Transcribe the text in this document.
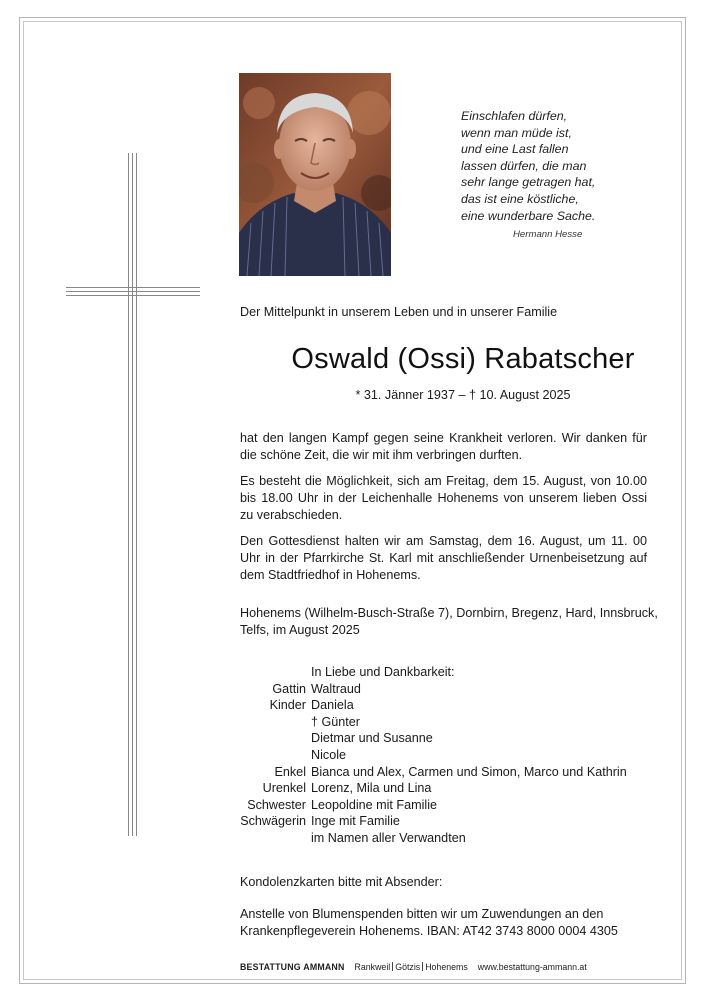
Einschlafen dürfen,
wenn man müde ist,
und eine Last fallen
lassen dürfen, die man
sehr lange getragen hat,
das ist eine köstliche,
eine wunderbare Sache.
Hermann Hesse
Der Mittelpunkt in unserem Leben und in unserer Familie
Oswald (Ossi) Rabatscher
* 31. Jänner 1937 – † 10. August 2025
hat den langen Kampf gegen seine Krankheit verloren. Wir danken für die schöne Zeit, die wir mit ihm verbringen durften.
Es besteht die Möglichkeit, sich am Freitag, dem 15. August, von 10.00 bis 18.00 Uhr in der Leichenhalle Hohenems von unserem lieben Ossi zu verabschieden.
Den Gottesdienst halten wir am Samstag, dem 16. August, um 11. 00 Uhr in der Pfarrkirche St. Karl mit anschließender Urnenbeisetzung auf dem Stadtfriedhof in Hohenems.
Hohenems (Wilhelm-Busch-Straße 7), Dornbirn, Bregenz, Hard, Innsbruck, Telfs, im August 2025
In Liebe und Dankbarkeit:
Gattin Waltraud
Kinder Daniela
† Günter
Dietmar und Susanne
Nicole
Enkel Bianca und Alex, Carmen und Simon, Marco und Kathrin
Urenkel Lorenz, Mila und Lina
Schwester Leopoldine mit Familie
Schwägerin Inge mit Familie
im Namen aller Verwandten
Kondolenzkarten bitte mit Absender:
Anstelle von Blumenspenden bitten wir um Zuwendungen an den Krankenpflegeverein Hohenems. IBAN: AT42 3743 8000 0004 4305
BESTATTUNG AMMANN Rankweil Götzis Hohenems www.bestattung-ammann.at
